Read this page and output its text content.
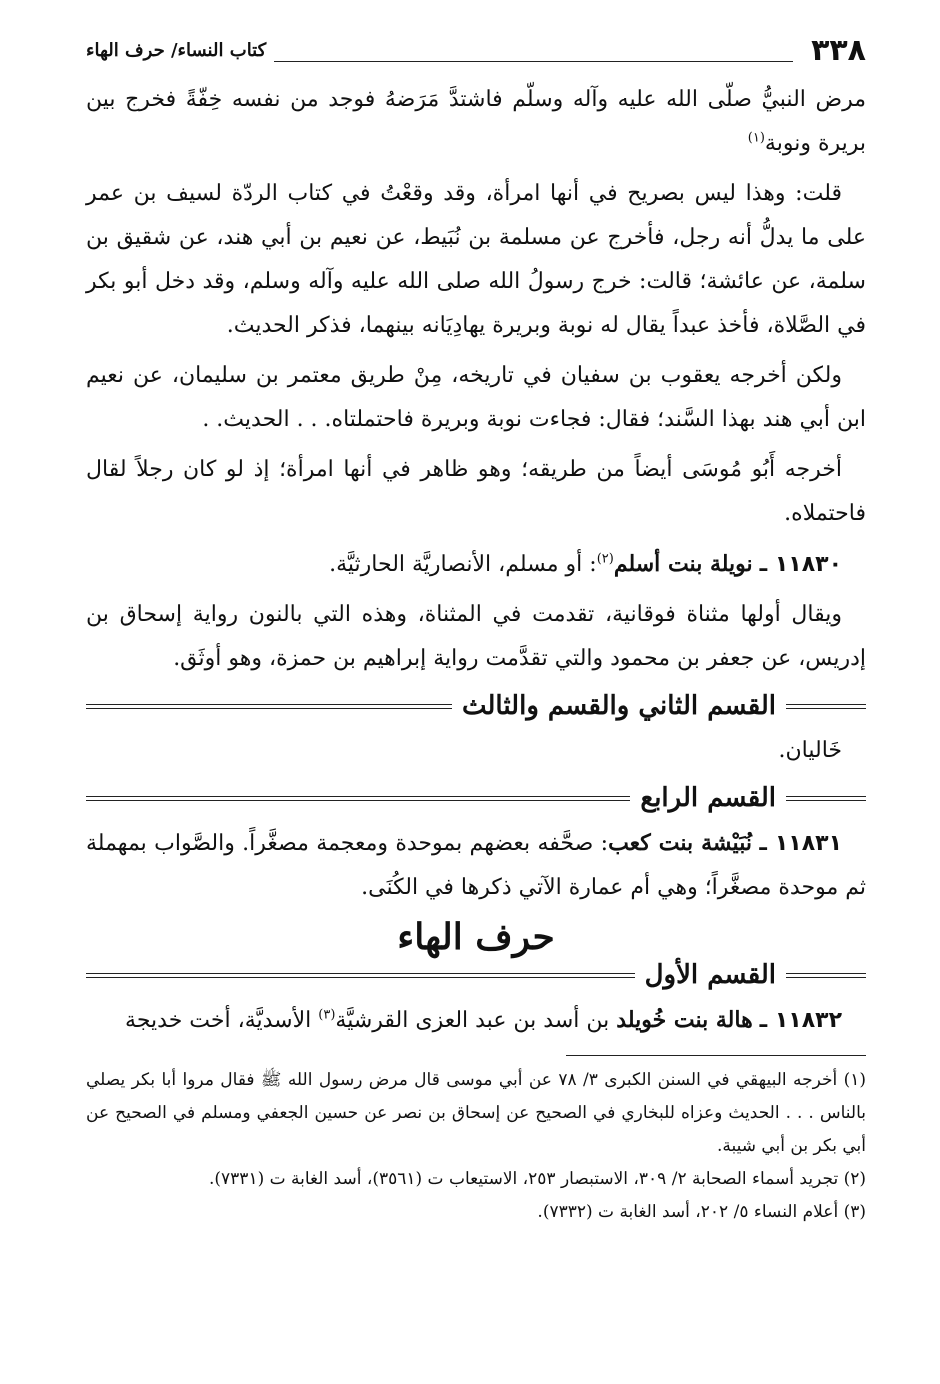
٣٣٨
كتاب النساء/ حرف الهاء

مرض النبيُّ صلّى الله عليه وآله وسلّم فاشتدَّ مَرَضهُ فوجد من نفسه خِفّةً فخرج بين بريرة ونوبة$^{(١)}$

قلت: وهذا ليس بصريح في أنها امرأة، وقد وقعْتُ في كتاب الردّة لسيف بن عمر على ما يدلُّ أنه رجل، فأخرج عن مسلمة بن نُبَيط، عن نعيم بن أبي هند، عن شقيق بن سلمة، عن عائشة؛ قالت: خرج رسولُ الله صلى الله عليه وآله وسلم، وقد دخل أبو بكر في الصَّلاة، فأخذ عبداً يقال له نوبة وبريرة يهادِيَانه بينهما، فذكر الحديث.

ولكن أخرجه يعقوب بن سفيان في تاريخه، مِنْ طريق معتمر بن سليمان، عن نعيم ابن أبي هند بهذا السَّند؛ فقال: فجاءت نوبة وبريرة فاحتملتاه. . . الحديث. .

أخرجه أَبُو مُوسَى أيضاً من طريقه؛ وهو ظاهر في أنها امرأة؛ إذ لو كان رجلاً لقال فاحتملاه.

١١٨٣٠ ـ نويلة بنت أسلم$^{(٢)}$: أو مسلم، الأنصاريَّة الحارثيَّة.

ويقال أولها مثناة فوقانية، تقدمت في المثناة، وهذه التي بالنون رواية إسحاق بن إدريس، عن جعفر بن محمود والتي تقدَّمت رواية إبراهيم بن حمزة، وهو أوثَق.

القسم الثاني والقسم والثالث

خَاليان.

القسم الرابع

١١٨٣١ ـ نُبَيْشة بنت كعب: صحَّفه بعضهم بموحدة ومعجمة مصغَّراً. والصَّواب بمهملة ثم موحدة مصغَّراً؛ وهي أم عمارة الآتي ذكرها في الكُنَى.

حرف الهاء
القسم الأول

١١٨٣٢ ـ هالة بنت خُويلد بن أسد بن عبد العزى القرشيَّة$^{(٣)}$ الأسديَّة، أخت خديجة

(١) أخرجه البيهقي في السنن الكبرى ٣/ ٧٨ عن أبي موسى قال مرض رسول الله ﷺ فقال مروا أبا بكر يصلي بالناس . . . الحديث وعزاه للبخاري في الصحيح عن إسحاق بن نصر عن حسين الجعفي ومسلم في الصحيح عن أبي بكر بن أبي شيبة.

(٢) تجريد أسماء الصحابة ٢/ ٣٠٩، الاستبصار ٢٥٣، الاستيعاب ت (٣٥٦١)، أسد الغابة ت (٧٣٣١).

(٣) أعلام النساء ٥/ ٢٠٢، أسد الغابة ت (٧٣٣٢).
